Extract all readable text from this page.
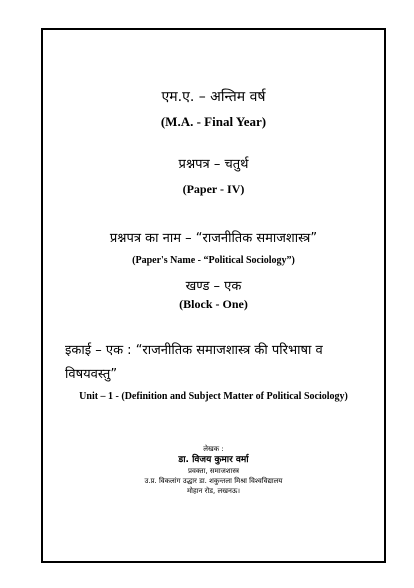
एम.ए. – अन्तिम वर्ष
(M.A. - Final Year)
प्रश्नपत्र – चतुर्थ
(Paper - IV)
प्रश्नपत्र का नाम – “राजनीतिक समाजशास्त्र”
(Paper's Name - “Political Sociology”)
खण्ड – एक
(Block - One)
इकाई – एक : “राजनीतिक समाजशास्त्र की परिभाषा व
विषयवस्तु”
Unit – 1 - (Definition and Subject Matter of Political Sociology)
लेखक :
डा. विजय कुमार वर्मा
प्रवक्ता, समाजशास्त्र
उ.प्र. विकलांग उद्धार डा. शकुन्तला मिश्रा विश्वविद्यालय
मोहान रोड, लखनऊ।
